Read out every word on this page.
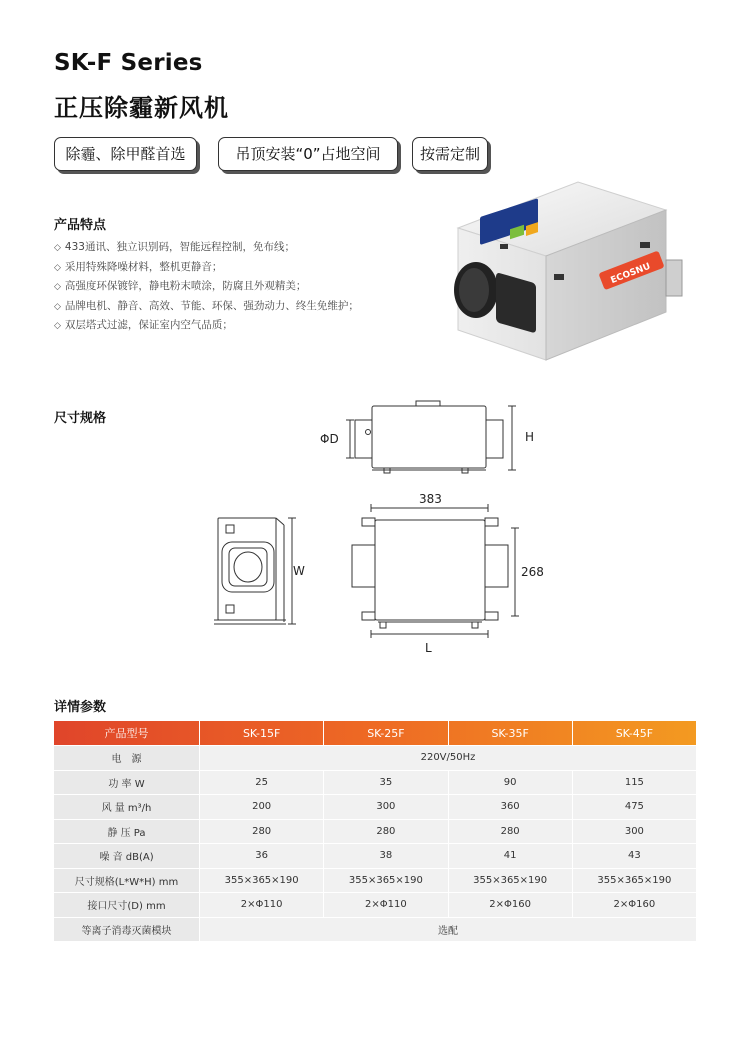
SK-F Series
正压除霾新风机
除霾、除甲醛首选	吊顶安装“0”占地空间	按需定制
产品特点
◇ 433通讯、独立识别码，智能远程控制，免布线；
◇ 采用特殊降噪材料，整机更静音；
◇ 高强度环保镀锌，静电粉末喷涂，防腐且外观精美；
◇ 品牌电机、静音、高效、节能、环保、强劲动力、终生免维护；
◇ 双层塔式过滤，保证室内空气品质；
ECOSNU
尺寸规格
ΦD	H
383
268
L
W
详情参数
产品型号	SK-15F	SK-25F	SK-35F	SK-45F
电　源	220V/50Hz			
功 率 W	25	35	90	115
风 量 m³/h	200	300	360	475
静 压 Pa	280	280	280	300
噪 音 dB(A)	36	38	41	43
尺寸规格(L*W*H) mm	355×365×190	355×365×190	355×365×190	355×365×190
接口尺寸(D) mm	2×Φ110	2×Φ110	2×Φ160	2×Φ160
等离子消毒灭菌模块	选配			
